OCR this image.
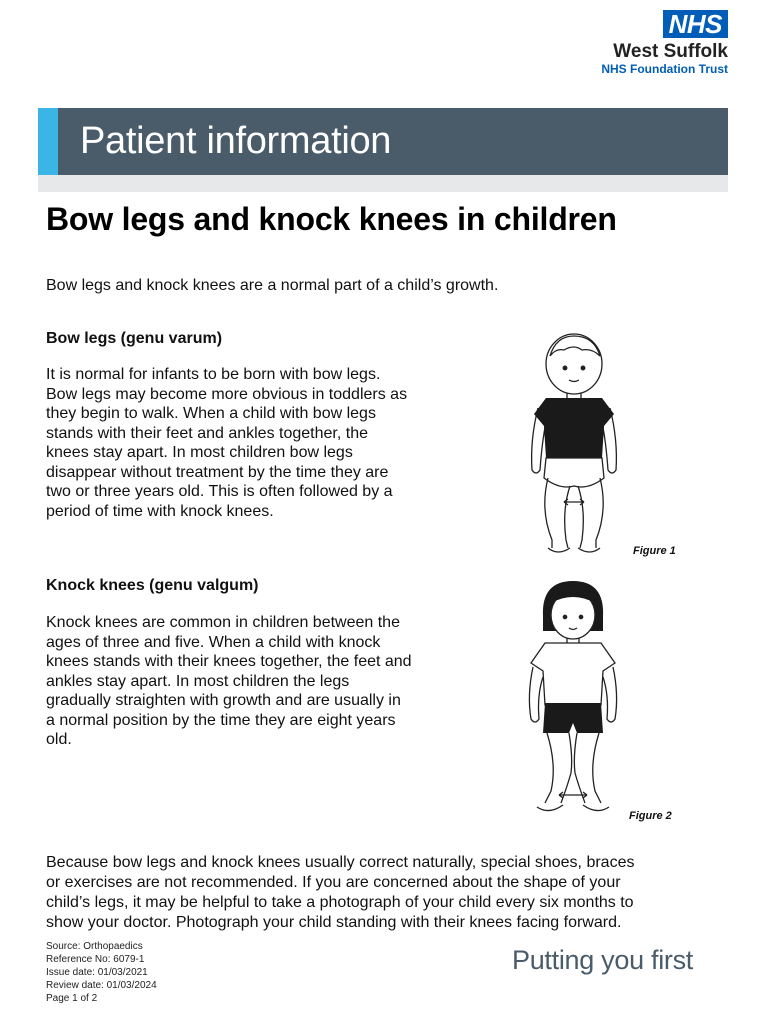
NHS
West Suffolk
NHS Foundation Trust
Patient information
Bow legs and knock knees in children
Bow legs and knock knees are a normal part of a child’s growth.
Bow legs (genu varum)
It is normal for infants to be born with bow legs.
Bow legs may become more obvious in toddlers as
they begin to walk. When a child with bow legs
stands with their feet and ankles together, the
knees stay apart. In most children bow legs
disappear without treatment by the time they are
two or three years old. This is often followed by a
period of time with knock knees.
Figure 1
Knock knees (genu valgum)
Knock knees are common in children between the
ages of three and five. When a child with knock
knees stands with their knees together, the feet and
ankles stay apart. In most children the legs
gradually straighten with growth and are usually in
a normal position by the time they are eight years
old.
Figure 2
Because bow legs and knock knees usually correct naturally, special shoes, braces
or exercises are not recommended. If you are concerned about the shape of your
child’s legs, it may be helpful to take a photograph of your child every six months to
show your doctor. Photograph your child standing with their knees facing forward.
Source: Orthopaedics
Reference No: 6079-1
Issue date: 01/03/2021
Review date: 01/03/2024
Page 1 of 2
Putting you first
